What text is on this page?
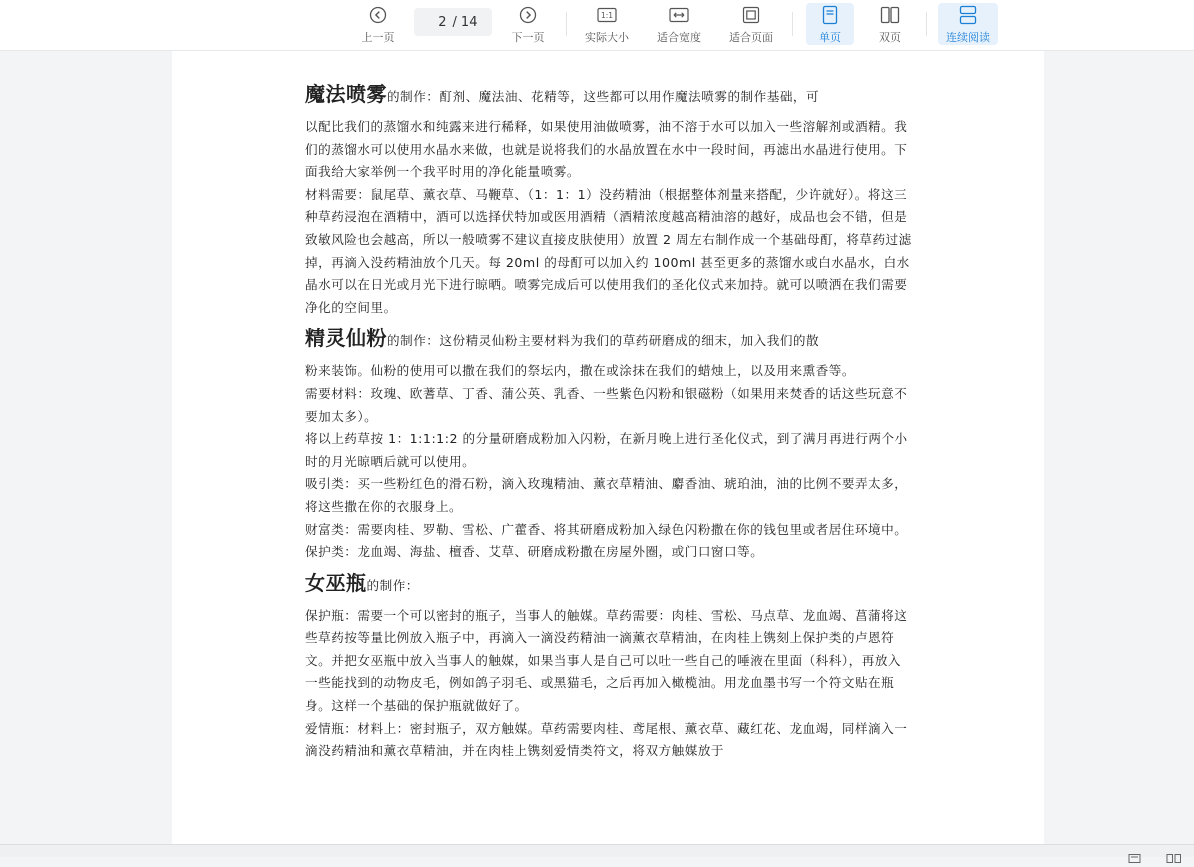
上一页
2
/ 14
下一页
1:1
实际大小	适合宽度	适合页面	单页	双页	连续阅读

魔法喷雾的制作：酊剂、魔法油、花精等，这些都可以用作魔法喷雾的制作基础，可

以配比我们的蒸馏水和纯露来进行稀释，如果使用油做喷雾，油不溶于水可以加入一些溶解剂或酒精。我们的蒸馏水可以使用水晶水来做，也就是说将我们的水晶放置在水中一段时间，再滤出水晶进行使用。下面我给大家举例一个我平时用的净化能量喷雾。

材料需要：鼠尾草、薰衣草、马鞭草、（1：1：1）没药精油（根据整体剂量来搭配，少许就好）。将这三种草药浸泡在酒精中，酒可以选择伏特加或医用酒精（酒精浓度越高精油溶的越好，成品也会不错，但是致敏风险也会越高，所以一般喷雾不建议直接皮肤使用）放置 2 周左右制作成一个基础母酊，将草药过滤掉，再滴入没药精油放个几天。每 20ml 的母酊可以加入约 100ml 甚至更多的蒸馏水或白水晶水，白水晶水可以在日光或月光下进行晾晒。喷雾完成后可以使用我们的圣化仪式来加持。就可以喷洒在我们需要净化的空间里。

精灵仙粉的制作：这份精灵仙粉主要材料为我们的草药研磨成的细末，加入我们的散

粉来装饰。仙粉的使用可以撒在我们的祭坛内，撒在或涂抹在我们的蜡烛上，以及用来熏香等。

需要材料：玫瑰、欧蓍草、丁香、蒲公英、乳香、一些紫色闪粉和银磁粉（如果用来焚香的话这些玩意不要加太多）。

将以上药草按 1：1:1:1:2 的分量研磨成粉加入闪粉，在新月晚上进行圣化仪式，到了满月再进行两个小时的月光晾晒后就可以使用。

吸引类：买一些粉红色的滑石粉，滴入玫瑰精油、薰衣草精油、麝香油、琥珀油，油的比例不要弄太多，将这些撒在你的衣服身上。

财富类：需要肉桂、罗勒、雪松、广藿香、将其研磨成粉加入绿色闪粉撒在你的钱包里或者居住环境中。

保护类：龙血竭、海盐、檀香、艾草、研磨成粉撒在房屋外圈，或门口窗口等。

女巫瓶的制作：

保护瓶：需要一个可以密封的瓶子，当事人的触媒。草药需要：肉桂、雪松、马点草、龙血竭、菖蒲将这些草药按等量比例放入瓶子中，再滴入一滴没药精油一滴薰衣草精油，在肉桂上镌刻上保护类的卢恩符文。并把女巫瓶中放入当事人的触媒，如果当事人是自己可以吐一些自己的唾液在里面（科科），再放入一些能找到的动物皮毛，例如鸽子羽毛、或黑猫毛，之后再加入橄榄油。用龙血墨书写一个符文贴在瓶身。这样一个基础的保护瓶就做好了。

爱情瓶：材料上：密封瓶子，双方触媒。草药需要肉桂、鸢尾根、薰衣草、藏红花、龙血竭，同样滴入一滴没药精油和薰衣草精油，并在肉桂上镌刻爱情类符文，将双方触媒放于
